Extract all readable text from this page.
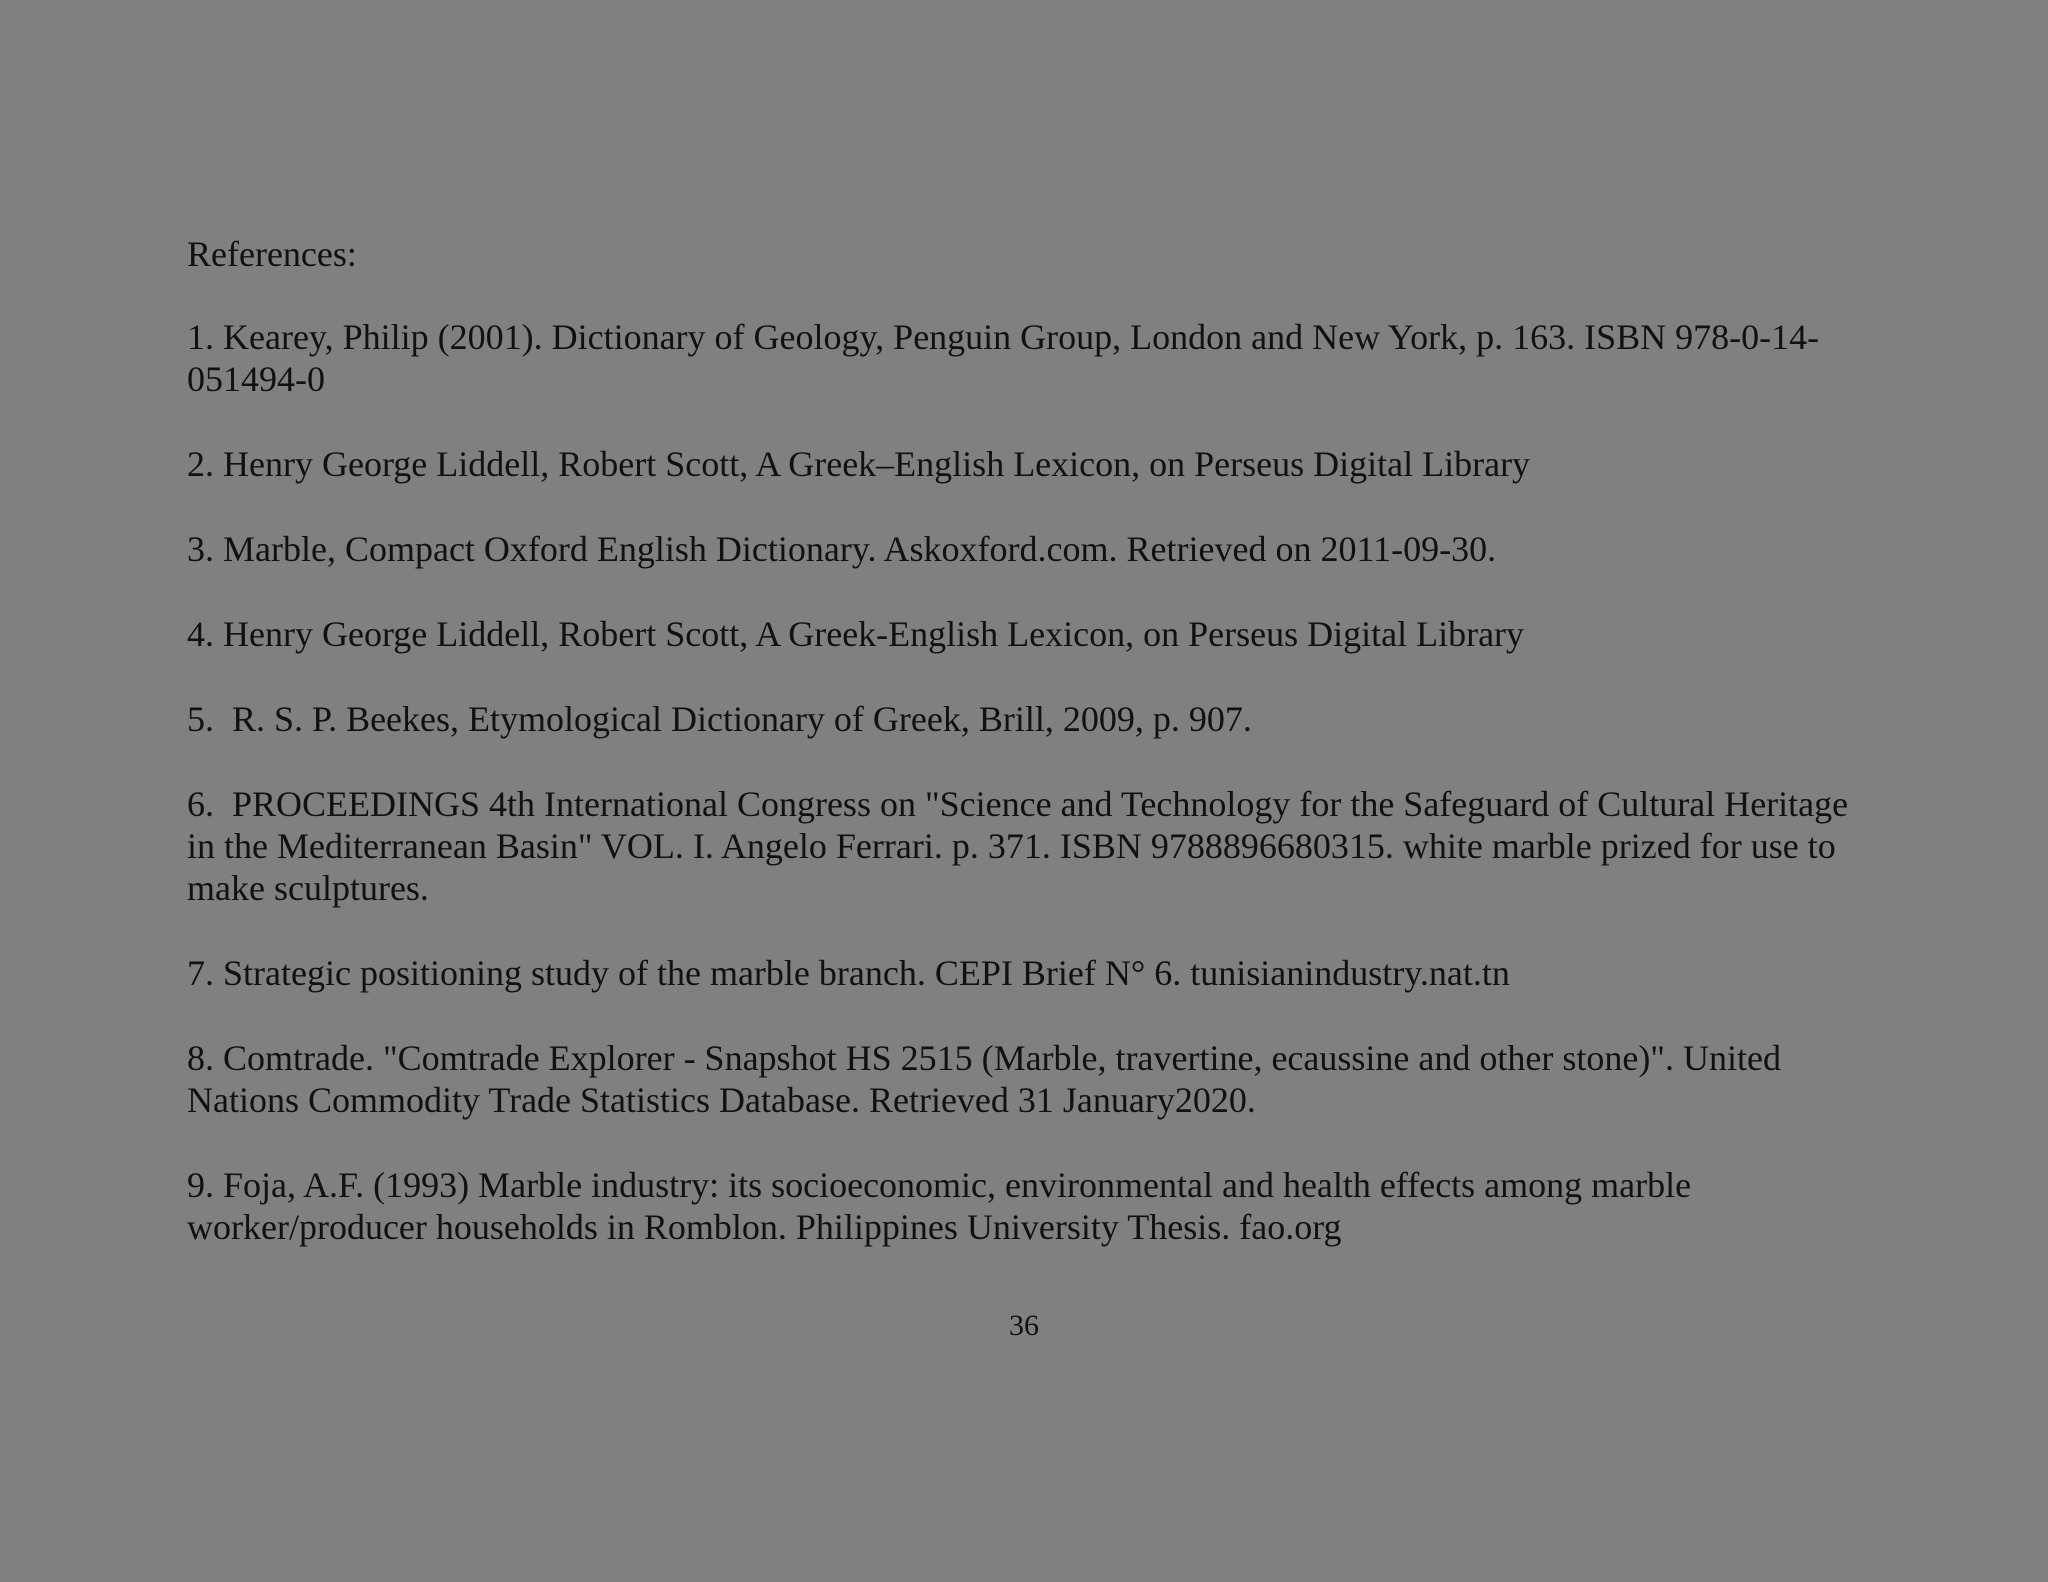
References:
1. Kearey, Philip (2001). Dictionary of Geology, Penguin Group, London and New York, p. 163. ISBN 978-0-14-051494-0
2. Henry George Liddell, Robert Scott, A Greek–English Lexicon, on Perseus Digital Library
3. Marble, Compact Oxford English Dictionary. Askoxford.com. Retrieved on 2011-09-30.
4. Henry George Liddell, Robert Scott, A Greek-English Lexicon, on Perseus Digital Library
5.  R. S. P. Beekes, Etymological Dictionary of Greek, Brill, 2009, p. 907.
6.  PROCEEDINGS 4th International Congress on "Science and Technology for the Safeguard of Cultural Heritage in the Mediterranean Basin" VOL. I. Angelo Ferrari. p. 371. ISBN 9788896680315. white marble prized for use to make sculptures.
7. Strategic positioning study of the marble branch. CEPI Brief N° 6. tunisianindustry.nat.tn
8. Comtrade. "Comtrade Explorer - Snapshot HS 2515 (Marble, travertine, ecaussine and other stone)". United Nations Commodity Trade Statistics Database. Retrieved 31 January2020.
9. Foja, A.F. (1993) Marble industry: its socioeconomic, environmental and health effects among marble worker/producer households in Romblon. Philippines University Thesis. fao.org
36
